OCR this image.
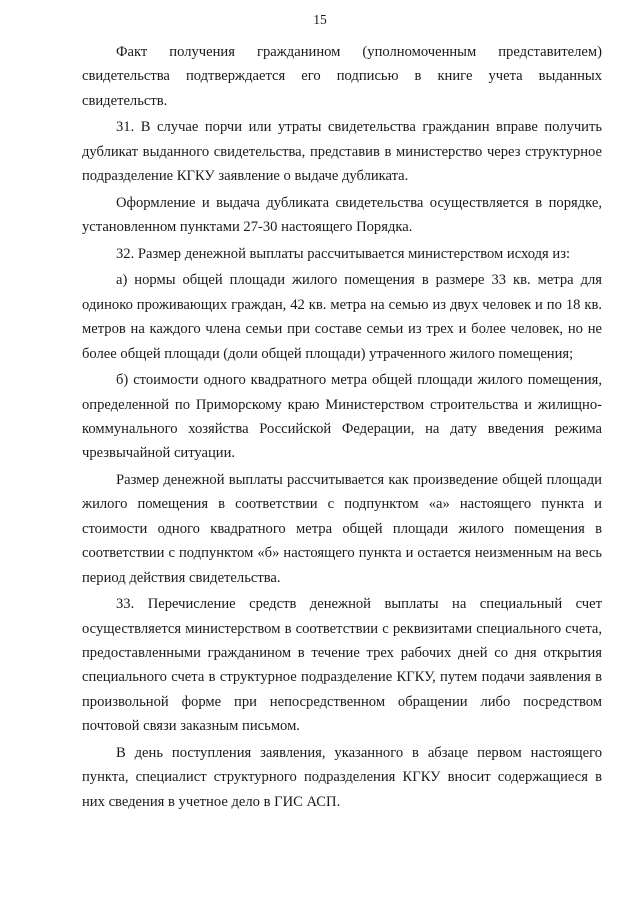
15

Факт получения гражданином (уполномоченным представителем) свидетельства подтверждается его подписью в книге учета выданных свидетельств.

31. В случае порчи или утраты свидетельства гражданин вправе получить дубликат выданного свидетельства, представив в министерство через структурное подразделение КГКУ заявление о выдаче дубликата.

Оформление и выдача дубликата свидетельства осуществляется в порядке, установленном пунктами 27-30 настоящего Порядка.

32. Размер денежной выплаты рассчитывается министерством исходя из:

а) нормы общей площади жилого помещения в размере 33 кв. метра для одиноко проживающих граждан, 42 кв. метра на семью из двух человек и по 18 кв. метров на каждого члена семьи при составе семьи из трех и более человек, но не более общей площади (доли общей площади) утраченного жилого помещения;

б) стоимости одного квадратного метра общей площади жилого помещения, определенной по Приморскому краю Министерством строительства и жилищно-коммунального хозяйства Российской Федерации, на дату введения режима чрезвычайной ситуации.

Размер денежной выплаты рассчитывается как произведение общей площади жилого помещения в соответствии с подпунктом «а» настоящего пункта и стоимости одного квадратного метра общей площади жилого помещения в соответствии с подпунктом «б» настоящего пункта и остается неизменным на весь период действия свидетельства.

33. Перечисление средств денежной выплаты на специальный счет осуществляется министерством в соответствии с реквизитами специального счета, предоставленными гражданином в течение трех рабочих дней со дня открытия специального счета в структурное подразделение КГКУ, путем подачи заявления в произвольной форме при непосредственном обращении либо посредством почтовой связи заказным письмом.

В день поступления заявления, указанного в абзаце первом настоящего пункта, специалист структурного подразделения КГКУ вносит содержащиеся в них сведения в учетное дело в ГИС АСП.
